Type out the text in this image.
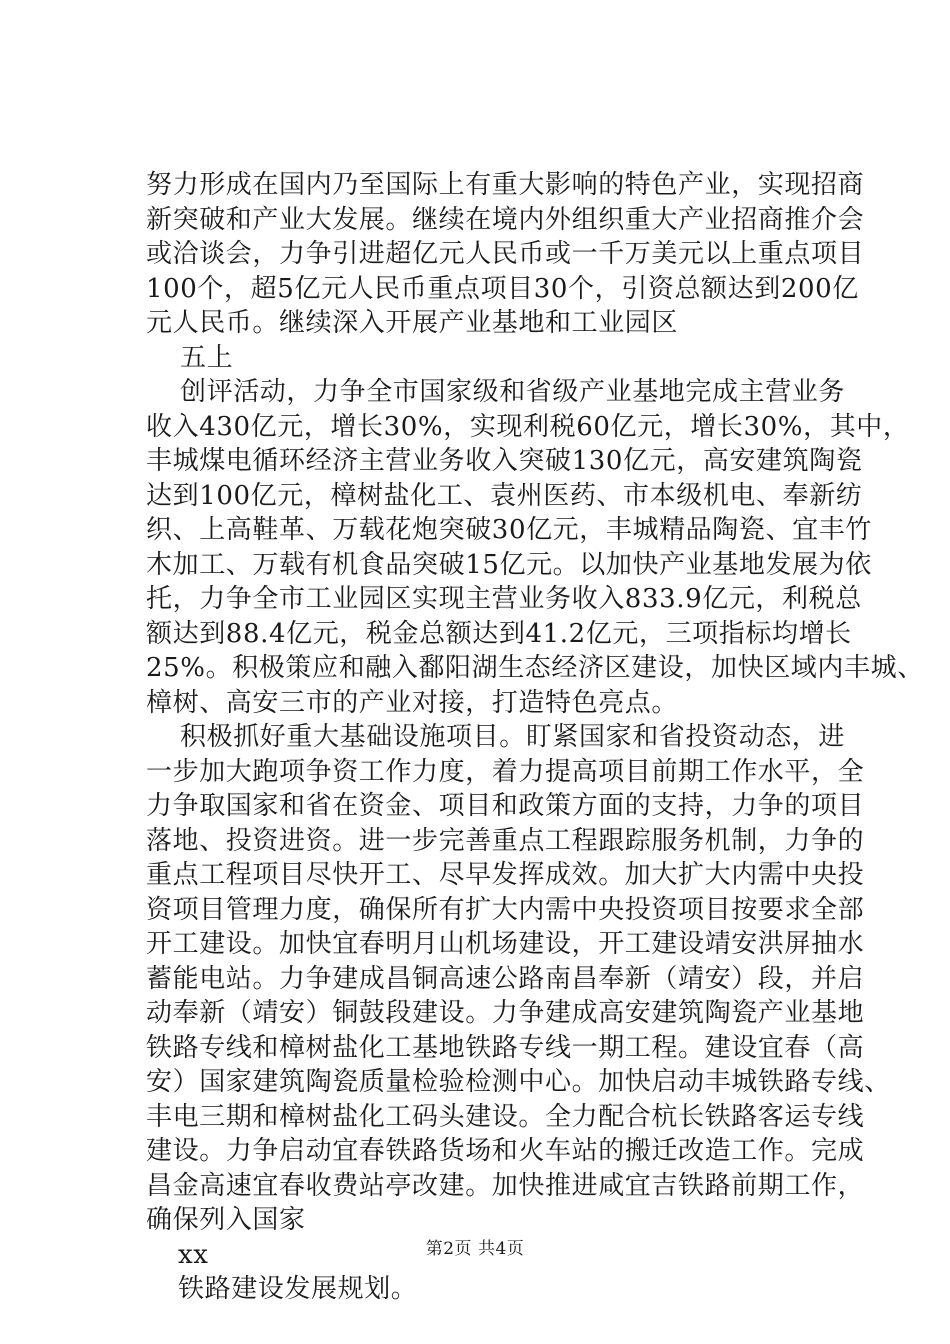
努力形成在国内乃至国际上有重大影响的特色产业，实现招商
新突破和产业大发展。继续在境内外组织重大产业招商推介会
或洽谈会，力争引进超亿元人民币或一千万美元以上重点项目
100个，超5亿元人民币重点项目30个，引资总额达到200亿
元人民币。继续深入开展产业基地和工业园区
五上
创评活动，力争全市国家级和省级产业基地完成主营业务
收入430亿元，增长30%，实现利税60亿元，增长30%，其中，
丰城煤电循环经济主营业务收入突破130亿元，高安建筑陶瓷
达到100亿元，樟树盐化工、袁州医药、市本级机电、奉新纺
织、上高鞋革、万载花炮突破30亿元，丰城精品陶瓷、宜丰竹
木加工、万载有机食品突破15亿元。以加快产业基地发展为依
托，力争全市工业园区实现主营业务收入833.9亿元，利税总
额达到88.4亿元，税金总额达到41.2亿元，三项指标均增长
25%。积极策应和融入鄱阳湖生态经济区建设，加快区域内丰城、
樟树、高安三市的产业对接，打造特色亮点。
积极抓好重大基础设施项目。盯紧国家和省投资动态，进
一步加大跑项争资工作力度，着力提高项目前期工作水平，全
力争取国家和省在资金、项目和政策方面的支持，力争的项目
落地、投资进资。进一步完善重点工程跟踪服务机制，力争的
重点工程项目尽快开工、尽早发挥成效。加大扩大内需中央投
资项目管理力度，确保所有扩大内需中央投资项目按要求全部
开工建设。加快宜春明月山机场建设，开工建设靖安洪屏抽水
蓄能电站。力争建成昌铜高速公路南昌奉新（靖安）段，并启
动奉新（靖安）铜鼓段建设。力争建成高安建筑陶瓷产业基地
铁路专线和樟树盐化工基地铁路专线一期工程。建设宜春（高
安）国家建筑陶瓷质量检验检测中心。加快启动丰城铁路专线、
丰电三期和樟树盐化工码头建设。全力配合杭长铁路客运专线
建设。力争启动宜春铁路货场和火车站的搬迁改造工作。完成
昌金高速宜春收费站亭改建。加快推进咸宜吉铁路前期工作，
确保列入国家
xx
铁路建设发展规划。
第2页 共4页
